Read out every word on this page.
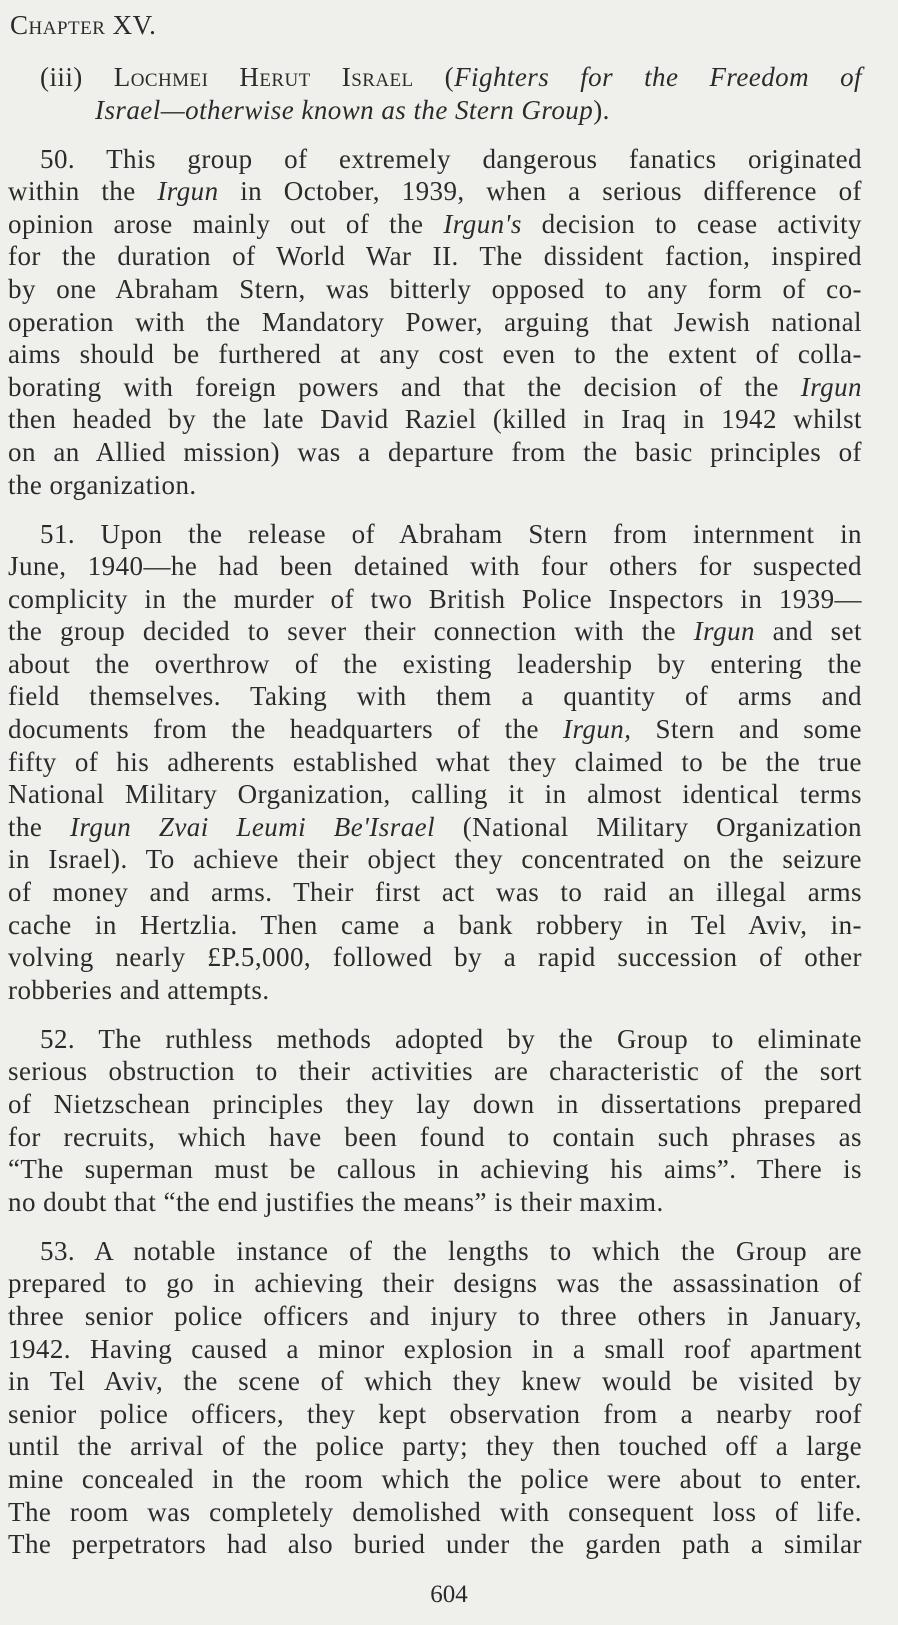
Chapter XV.
(iii) Lochmei Herut Israel (Fighters for the Freedom of
Israel—otherwise known as the Stern Group).
50. This group of extremely dangerous fanatics originated
within the Irgun in October, 1939, when a serious difference of
opinion arose mainly out of the Irgun's decision to cease activity
for the duration of World War II. The dissident faction, inspired
by one Abraham Stern, was bitterly opposed to any form of co-
operation with the Mandatory Power, arguing that Jewish national
aims should be furthered at any cost even to the extent of colla-
borating with foreign powers and that the decision of the Irgun
then headed by the late David Raziel (killed in Iraq in 1942 whilst
on an Allied mission) was a departure from the basic principles of
the organization.
51. Upon the release of Abraham Stern from internment in
June, 1940—he had been detained with four others for suspected
complicity in the murder of two British Police Inspectors in 1939—
the group decided to sever their connection with the Irgun and set
about the overthrow of the existing leadership by entering the
field themselves. Taking with them a quantity of arms and
documents from the headquarters of the Irgun, Stern and some
fifty of his adherents established what they claimed to be the true
National Military Organization, calling it in almost identical terms
the Irgun Zvai Leumi Be'Israel (National Military Organization
in Israel). To achieve their object they concentrated on the seizure
of money and arms. Their first act was to raid an illegal arms
cache in Hertzlia. Then came a bank robbery in Tel Aviv, in-
volving nearly £P.5,000, followed by a rapid succession of other
robberies and attempts.
52. The ruthless methods adopted by the Group to eliminate
serious obstruction to their activities are characteristic of the sort
of Nietzschean principles they lay down in dissertations prepared
for recruits, which have been found to contain such phrases as
“The superman must be callous in achieving his aims”. There is
no doubt that “the end justifies the means” is their maxim.
53. A notable instance of the lengths to which the Group are
prepared to go in achieving their designs was the assassination of
three senior police officers and injury to three others in January,
1942. Having caused a minor explosion in a small roof apartment
in Tel Aviv, the scene of which they knew would be visited by
senior police officers, they kept observation from a nearby roof
until the arrival of the police party; they then touched off a large
mine concealed in the room which the police were about to enter.
The room was completely demolished with consequent loss of life.
The perpetrators had also buried under the garden path a similar
604
